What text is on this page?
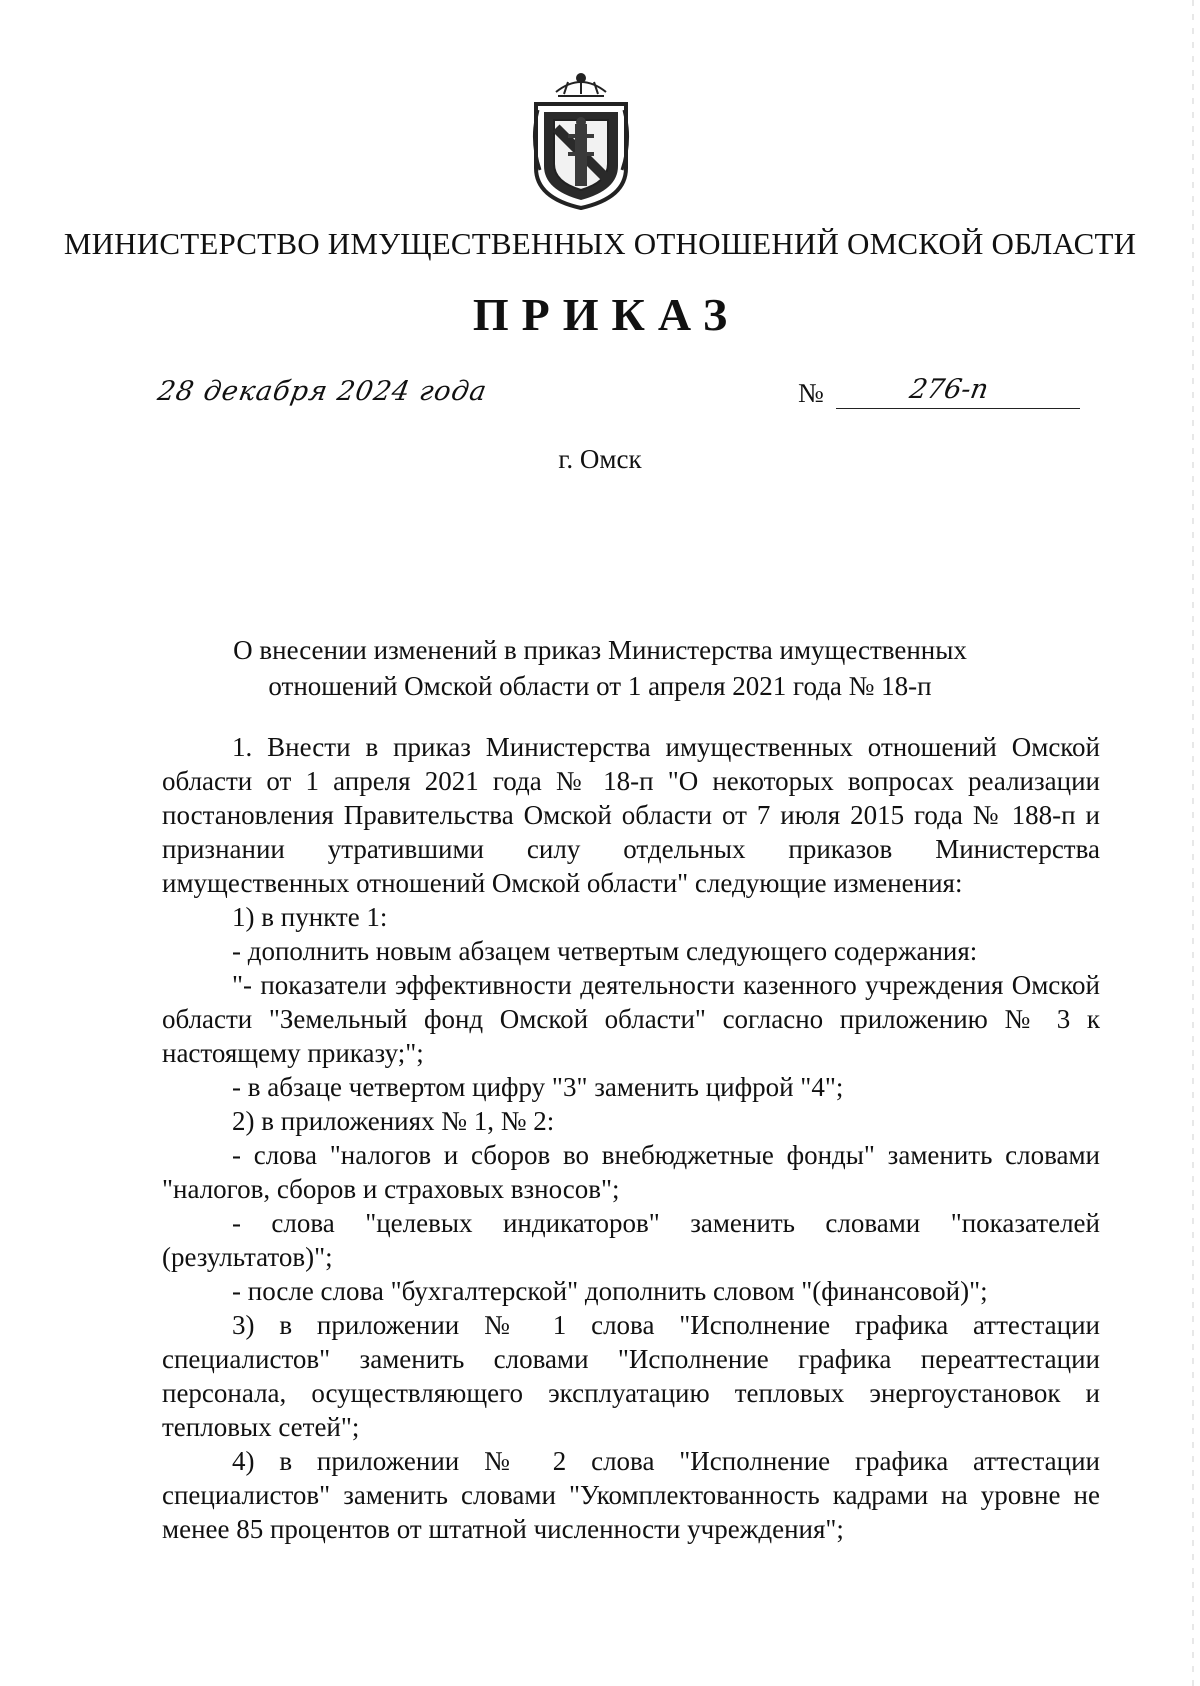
МИНИСТЕРСТВО ИМУЩЕСТВЕННЫХ ОТНОШЕНИЙ ОМСКОЙ ОБЛАСТИ
ПРИКАЗ
28 декабря 2024 года	№	276-п
г. Омск
О внесении изменений в приказ Министерства имущественных
отношений Омской области от 1 апреля 2021 года № 18-п

1. Внести в приказ Министерства имущественных отношений Омской области от 1 апреля 2021 года № 18-п "О некоторых вопросах реализации постановления Правительства Омской области от 7 июля 2015 года № 188-п и признании утратившими силу отдельных приказов Министерства имущественных отношений Омской области" следующие изменения:

1) в пункте 1:

- дополнить новым абзацем четвертым следующего содержания:

"- показатели эффективности деятельности казенного учреждения Омской области "Земельный фонд Омской области" согласно приложению № 3 к настоящему приказу;";

- в абзаце четвертом цифру "3" заменить цифрой "4";

2) в приложениях № 1, № 2:

- слова "налогов и сборов во внебюджетные фонды" заменить словами "налогов, сборов и страховых взносов";

- слова "целевых индикаторов" заменить словами "показателей (результатов)";

- после слова "бухгалтерской" дополнить словом "(финансовой)";

3) в приложении № 1 слова "Исполнение графика аттестации специалистов" заменить словами "Исполнение графика переаттестации персонала, осуществляющего эксплуатацию тепловых энергоустановок и тепловых сетей";

4) в приложении № 2 слова "Исполнение графика аттестации специалистов" заменить словами "Укомплектованность кадрами на уровне не менее 85 процентов от штатной численности учреждения";
